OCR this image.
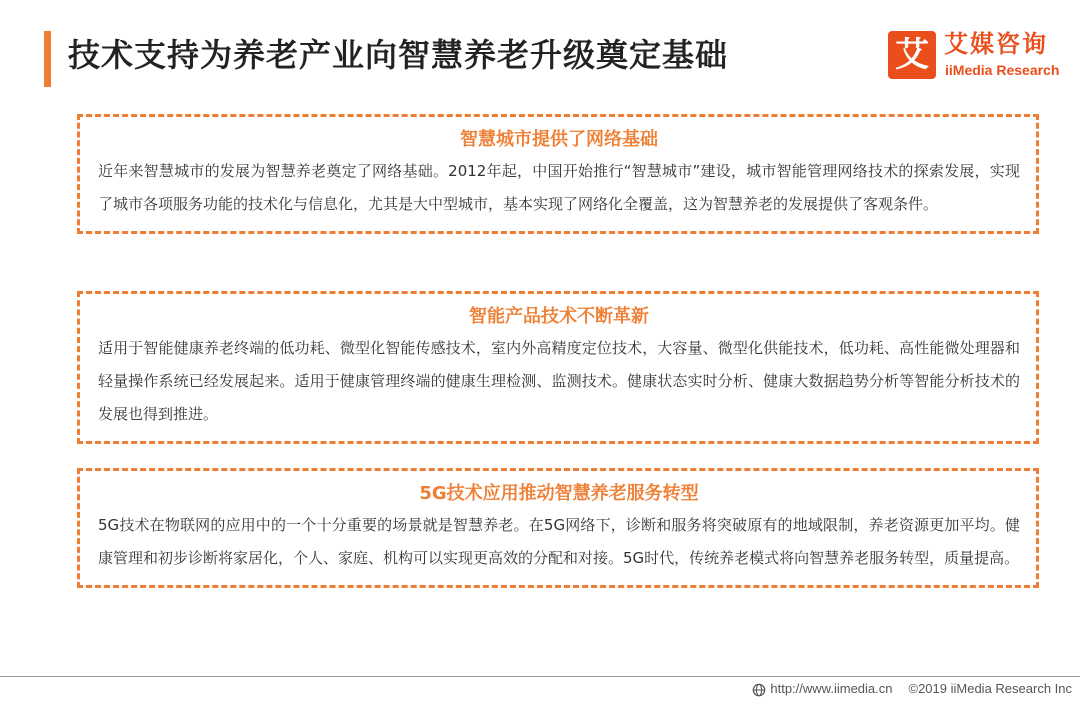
技术支持为养老产业向智慧养老升级奠定基础	艾 艾媒咨询
iiMedia Research
智慧城市提供了网络基础
近年来智慧城市的发展为智慧养老奠定了网络基础。2012年起，中国开始推行“智慧城市”建设，城市智能管理网络技术的探索发展，实现了城市各项服务功能的技术化与信息化，尤其是大中型城市，基本实现了网络化全覆盖，这为智慧养老的发展提供了客观条件。
智能产品技术不断革新
适用于智能健康养老终端的低功耗、微型化智能传感技术，室内外高精度定位技术，大容量、微型化供能技术，低功耗、高性能微处理器和轻量操作系统已经发展起来。适用于健康管理终端的健康生理检测、监测技术。健康状态实时分析、健康大数据趋势分析等智能分析技术的发展也得到推进。
5G技术应用推动智慧养老服务转型
5G技术在物联网的应用中的一个十分重要的场景就是智慧养老。在5G网络下，诊断和服务将突破原有的地域限制，养老资源更加平均。健康管理和初步诊断将家居化，个人、家庭、机构可以实现更高效的分配和对接。5G时代，传统养老模式将向智慧养老服务转型，质量提高。
http://www.iimedia.cn ©2019 iiMedia Research Inc
